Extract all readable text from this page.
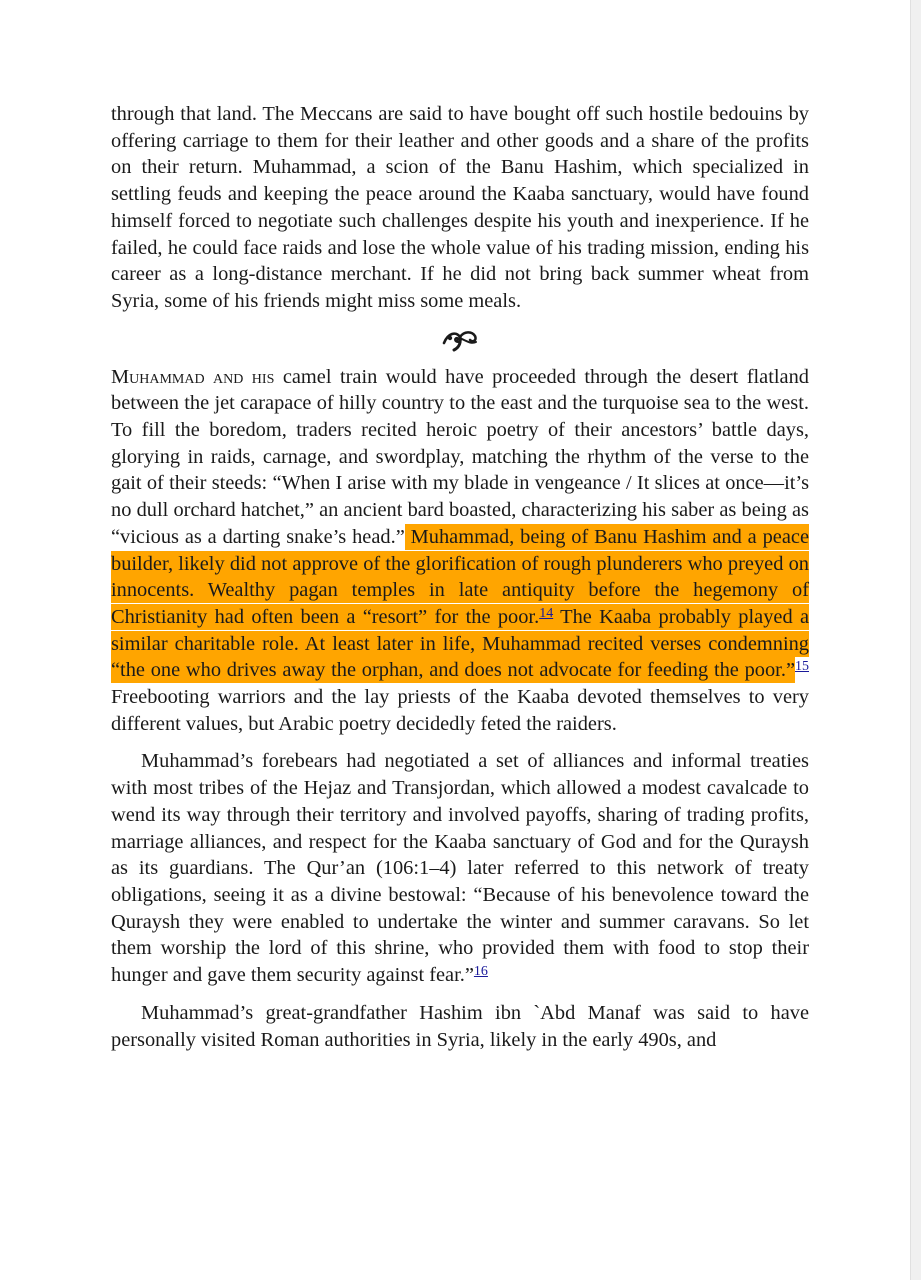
through that land. The Meccans are said to have bought off such hostile bedouins by offering carriage to them for their leather and other goods and a share of the profits on their return. Muhammad, a scion of the Banu Hashim, which specialized in settling feuds and keeping the peace around the Kaaba sanctuary, would have found himself forced to negotiate such challenges despite his youth and inexperience. If he failed, he could face raids and lose the whole value of his trading mission, ending his career as a long-distance merchant. If he did not bring back summer wheat from Syria, some of his friends might miss some meals.

Muhammad and his camel train would have proceeded through the desert flatland between the jet carapace of hilly country to the east and the turquoise sea to the west. To fill the boredom, traders recited heroic poetry of their ancestors’ battle days, glorying in raids, carnage, and swordplay, matching the rhythm of the verse to the gait of their steeds: “When I arise with my blade in vengeance / It slices at once—it’s no dull orchard hatchet,” an ancient bard boasted, characterizing his saber as being as “vicious as a darting snake’s head.” Muhammad, being of Banu Hashim and a peace builder, likely did not approve of the glorification of rough plunderers who preyed on innocents. Wealthy pagan temples in late antiquity before the hegemony of Christianity had often been a “resort” for the poor.$^{14}$ The Kaaba probably played a similar charitable role. At least later in life, Muhammad recited verses condemning “the one who drives away the orphan, and does not advocate for feeding the poor.”$^{15}$ Freebooting warriors and the lay priests of the Kaaba devoted themselves to very different values, but Arabic poetry decidedly feted the raiders.

Muhammad’s forebears had negotiated a set of alliances and informal treaties with most tribes of the Hejaz and Transjordan, which allowed a modest cavalcade to wend its way through their territory and involved payoffs, sharing of trading profits, marriage alliances, and respect for the Kaaba sanctuary of God and for the Quraysh as its guardians. The Qur’an (106:1–4) later referred to this network of treaty obligations, seeing it as a divine bestowal: “Because of his benevolence toward the Quraysh they were enabled to undertake the winter and summer caravans. So let them worship the lord of this shrine, who provided them with food to stop their hunger and gave them security against fear.”$^{16}$

Muhammad’s great-grandfather Hashim ibn `Abd Manaf was said to have personally visited Roman authorities in Syria, likely in the early 490s, and
